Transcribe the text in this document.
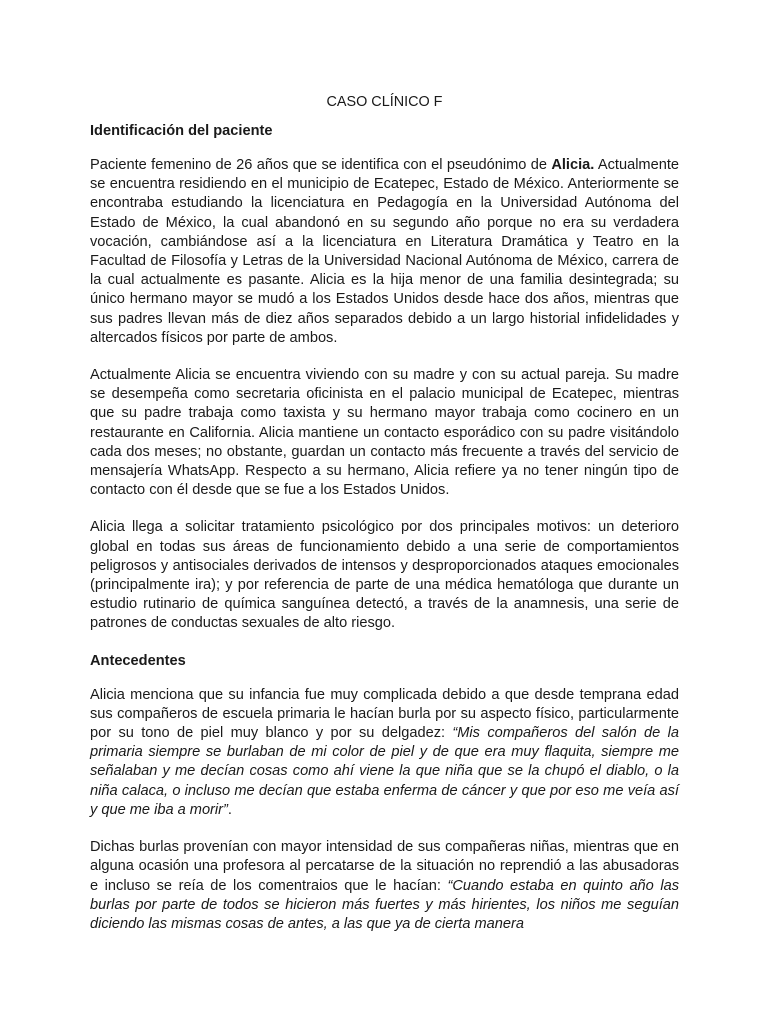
CASO CLÍNICO F
Identificación del paciente
Paciente femenino de 26 años que se identifica con el pseudónimo de Alicia. Actualmente se encuentra residiendo en el municipio de Ecatepec, Estado de México. Anteriormente se encontraba estudiando la licenciatura en Pedagogía en la Universidad Autónoma del Estado de México, la cual abandonó en su segundo año porque no era su verdadera vocación, cambiándose así a la licenciatura en Literatura Dramática y Teatro en la Facultad de Filosofía y Letras de la Universidad Nacional Autónoma de México, carrera de la cual actualmente es pasante. Alicia es la hija menor de una familia desintegrada; su único hermano mayor se mudó a los Estados Unidos desde hace dos años, mientras que sus padres llevan más de diez años separados debido a un largo historial infidelidades y altercados físicos por parte de ambos.
Actualmente Alicia se encuentra viviendo con su madre y con su actual pareja. Su madre se desempeña como secretaria oficinista en el palacio municipal de Ecatepec, mientras que su padre trabaja como taxista y su hermano mayor trabaja como cocinero en un restaurante en California. Alicia mantiene un contacto esporádico con su padre visitándolo cada dos meses; no obstante, guardan un contacto más frecuente a través del servicio de mensajería WhatsApp. Respecto a su hermano, Alicia refiere ya no tener ningún tipo de contacto con él desde que se fue a los Estados Unidos.
Alicia llega a solicitar tratamiento psicológico por dos principales motivos: un deterioro global en todas sus áreas de funcionamiento debido a una serie de comportamientos peligrosos y antisociales derivados de intensos y desproporcionados ataques emocionales (principalmente ira); y por referencia de parte de una médica hematóloga que durante un estudio rutinario de química sanguínea detectó, a través de la anamnesis, una serie de patrones de conductas sexuales de alto riesgo.
Antecedentes
Alicia menciona que su infancia fue muy complicada debido a que desde temprana edad sus compañeros de escuela primaria le hacían burla por su aspecto físico, particularmente por su tono de piel muy blanco y por su delgadez: “Mis compañeros del salón de la primaria siempre se burlaban de mi color de piel y de que era muy flaquita, siempre me señalaban y me decían cosas como ahí viene la que niña que se la chupó el diablo, o la niña calaca, o incluso me decían que estaba enferma de cáncer y que por eso me veía así y que me iba a morir”.
Dichas burlas provenían con mayor intensidad de sus compañeras niñas, mientras que en alguna ocasión una profesora al percatarse de la situación no reprendió a las abusadoras e incluso se reía de los comentraios que le hacían: “Cuando estaba en quinto año las burlas por parte de todos se hicieron más fuertes y más hirientes, los niños me seguían diciendo las mismas cosas de antes, a las que ya de cierta manera
